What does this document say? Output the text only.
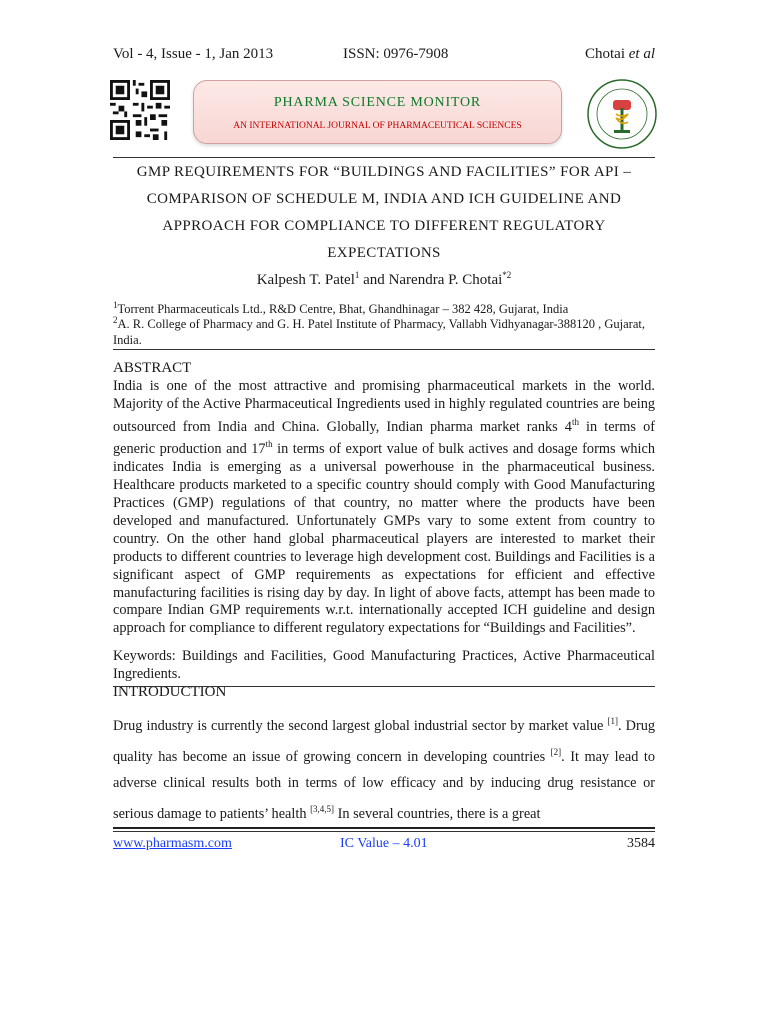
Vol - 4, Issue - 1, Jan 2013	ISSN: 0976-7908	Chotai et al
PHARMA SCIENCE MONITOR
AN INTERNATIONAL JOURNAL OF PHARMACEUTICAL SCIENCES
GMP REQUIREMENTS FOR “BUILDINGS AND FACILITIES” FOR API –
COMPARISON OF SCHEDULE M, INDIA AND ICH GUIDELINE AND
APPROACH FOR COMPLIANCE TO DIFFERENT REGULATORY
EXPECTATIONS
Kalpesh T. Patel$^1$ and Narendra P. Chotai$^{*2}$
$^1$Torrent Pharmaceuticals Ltd., R&D Centre, Bhat, Ghandhinagar – 382 428, Gujarat, India
$^2$A. R. College of Pharmacy and G. H. Patel Institute of Pharmacy, Vallabh Vidhyanagar-388120 , Gujarat, India.
ABSTRACT
India is one of the most attractive and promising pharmaceutical markets in the world. Majority of the Active Pharmaceutical Ingredients used in highly regulated countries are being outsourced from India and China. Globally, Indian pharma market ranks 4th in terms of generic production and 17th in terms of export value of bulk actives and dosage forms which indicates India is emerging as a universal powerhouse in the pharmaceutical business. Healthcare products marketed to a specific country should comply with Good Manufacturing Practices (GMP) regulations of that country, no matter where the products have been developed and manufactured. Unfortunately GMPs vary to some extent from country to country. On the other hand global pharmaceutical players are interested to market their products to different countries to leverage high development cost. Buildings and Facilities is a significant aspect of GMP requirements as expectations for efficient and effective manufacturing facilities is rising day by day. In light of above facts, attempt has been made to compare Indian GMP requirements w.r.t. internationally accepted ICH guideline and design approach for compliance to different regulatory expectations for “Buildings and Facilities”.
Keywords: Buildings and Facilities, Good Manufacturing Practices, Active Pharmaceutical Ingredients.
INTRODUCTION
Drug industry is currently the second largest global industrial sector by market value [1]. Drug quality has become an issue of growing concern in developing countries [2]. It may lead to adverse clinical results both in terms of low efficacy and by inducing drug resistance or serious damage to patients’ health [3,4,5] In several countries, there is a great
www.pharmasm.com	IC Value – 4.01	3584
